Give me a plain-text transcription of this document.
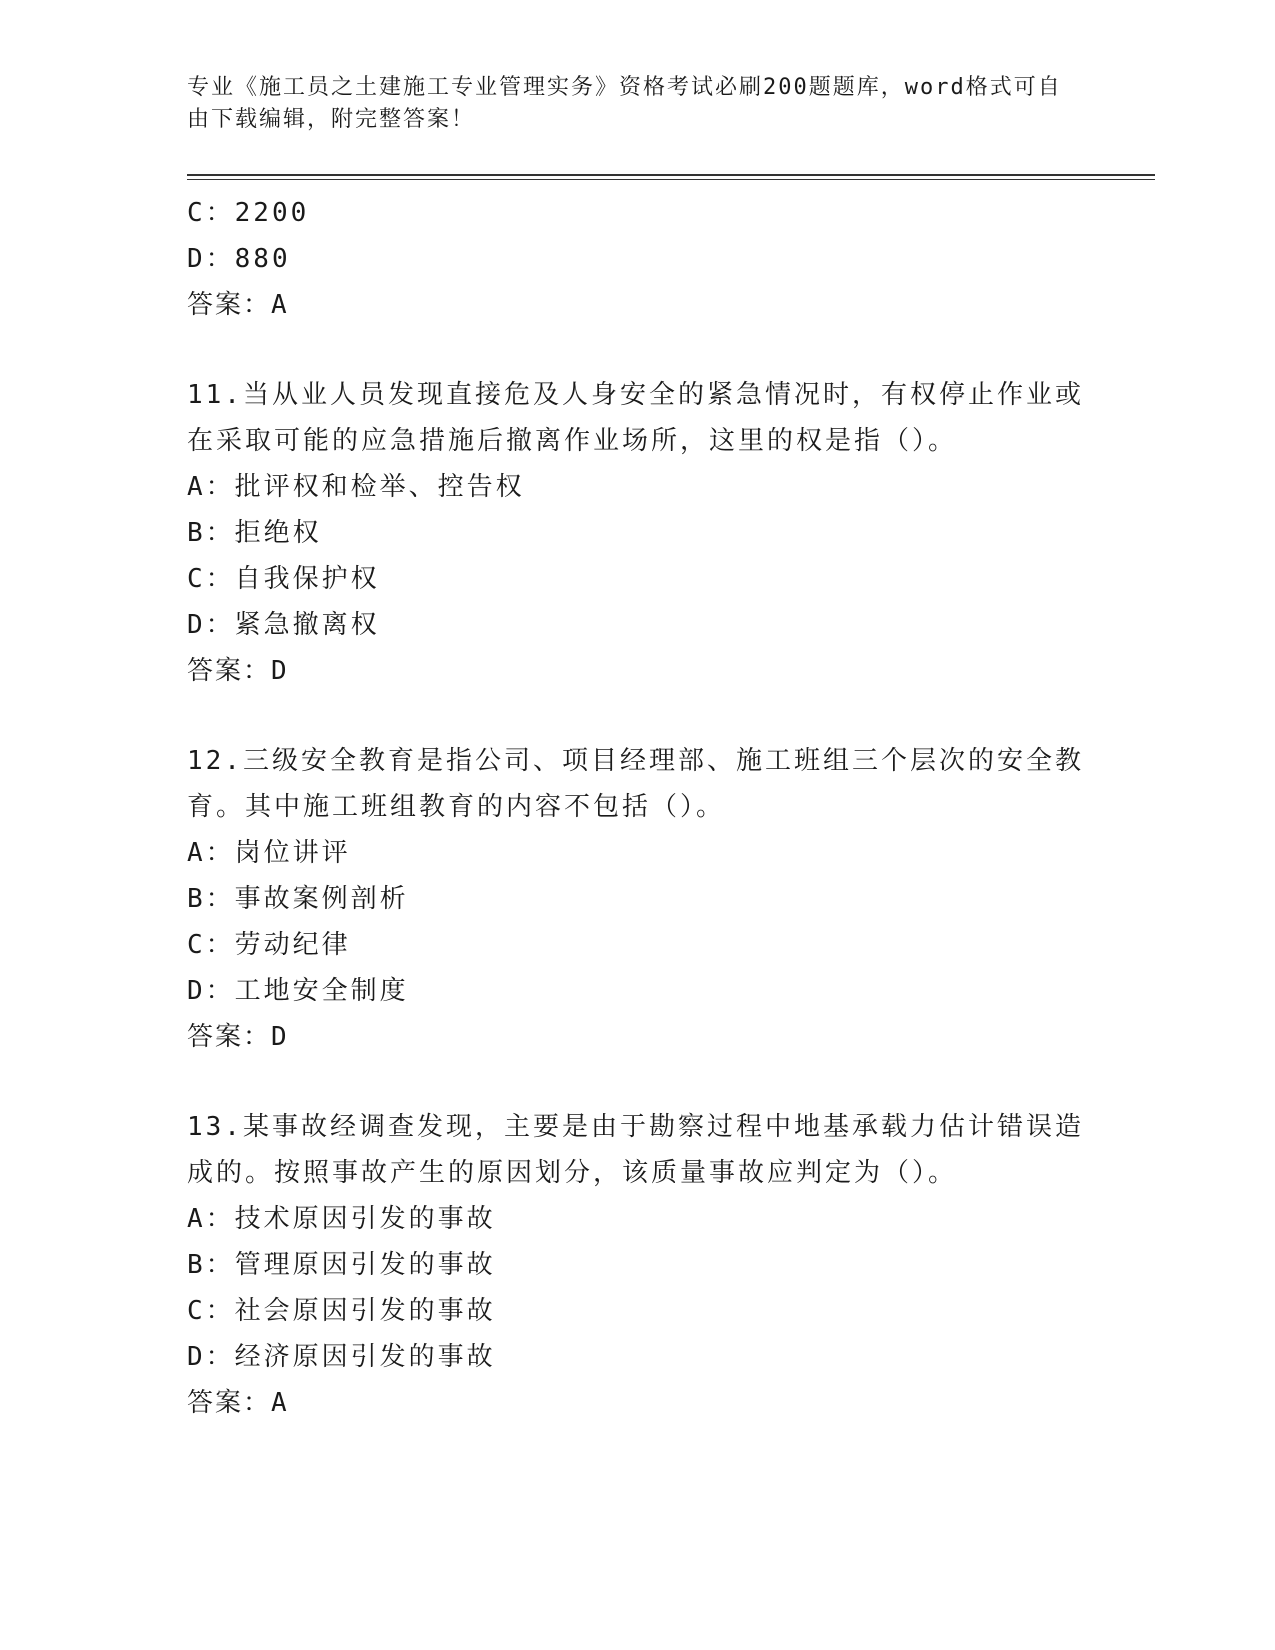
专业《施工员之土建施工专业管理实务》资格考试必刷200题题库，word格式可自由下载编辑，附完整答案！
C：2200
D：880
答案：A
11.当从业人员发现直接危及人身安全的紧急情况时，有权停止作业或在采取可能的应急措施后撤离作业场所，这里的权是指（）。
A：批评权和检举、控告权
B：拒绝权
C：自我保护权
D：紧急撤离权
答案：D
12.三级安全教育是指公司、项目经理部、施工班组三个层次的安全教育。其中施工班组教育的内容不包括（）。
A：岗位讲评
B：事故案例剖析
C：劳动纪律
D：工地安全制度
答案：D
13.某事故经调查发现，主要是由于勘察过程中地基承载力估计错误造成的。按照事故产生的原因划分，该质量事故应判定为（）。
A：技术原因引发的事故
B：管理原因引发的事故
C：社会原因引发的事故
D：经济原因引发的事故
答案：A
